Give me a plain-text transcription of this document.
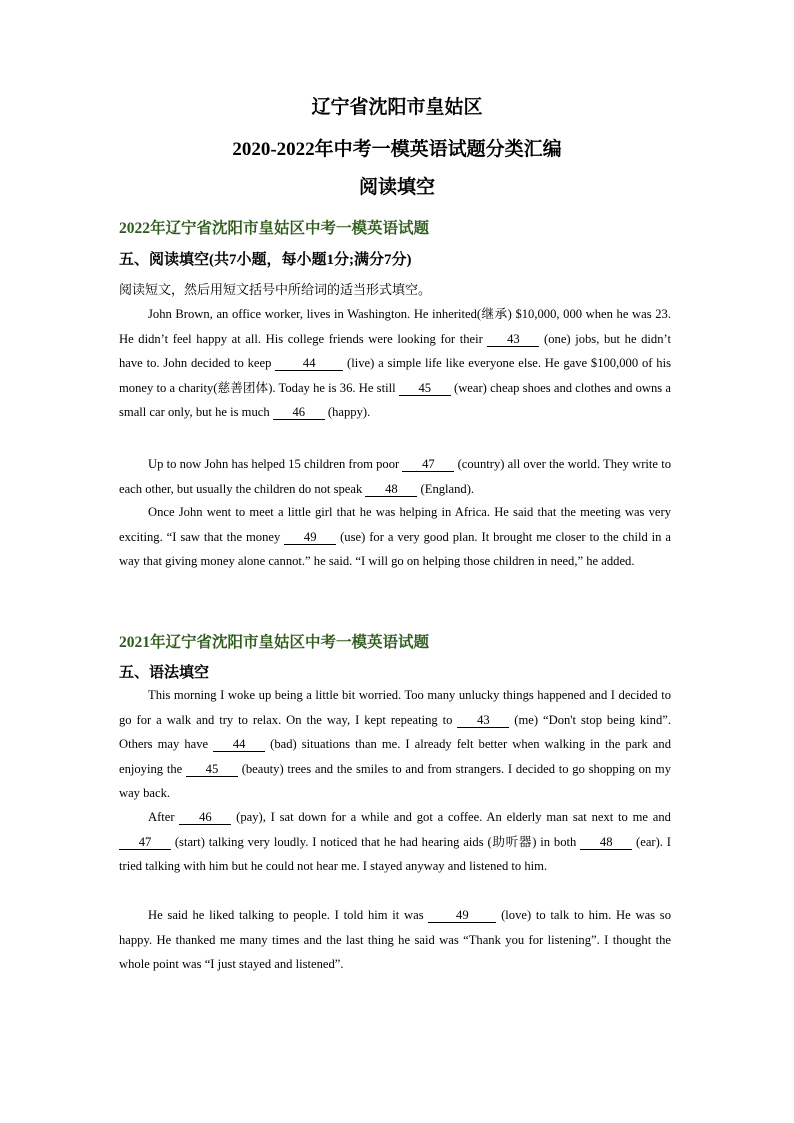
辽宁省沈阳市皇姑区
2020-2022年中考一模英语试题分类汇编
阅读填空
2022年辽宁省沈阳市皇姑区中考一模英语试题
五、阅读填空(共7小题，每小题1分;满分7分)
阅读短文，然后用短文括号中所给词的适当形式填空。
John Brown, an office worker, lives in Washington. He inherited(继承) $10,000, 000 when he was 23. He didn’t feel happy at all. His college friends were looking for their 43 (one) jobs, but he didn’t have to. John decided to keep 44 (live) a simple life like everyone else. He gave $100,000 of his money to a charity(慈善团体). Today he is 36. He still 45 (wear) cheap shoes and clothes and owns a small car only, but he is much 46 (happy).
Up to now John has helped 15 children from poor 47 (country) all over the world. They write to each other, but usually the children do not speak 48 (England).
Once John went to meet a little girl that he was helping in Africa. He said that the meeting was very exciting. “I saw that the money 49 (use) for a very good plan. It brought me closer to the child in a way that giving money alone cannot.” he said. “I will go on helping those children in need,” he added.
2021年辽宁省沈阳市皇姑区中考一模英语试题
五、语法填空
This morning I woke up being a little bit worried. Too many unlucky things happened and I decided to go for a walk and try to relax. On the way, I kept repeating to 43 (me) “Don't stop being kind”. Others may have 44 (bad) situations than me. I already felt better when walking in the park and enjoying the 45 (beauty) trees and the smiles to and from strangers. I decided to go shopping on my way back.
After 46 (pay), I sat down for a while and got a coffee. An elderly man sat next to me and 47 (start) talking very loudly. I noticed that he had hearing aids (助听器) in both 48 (ear). I tried talking with him but he could not hear me. I stayed anyway and listened to him.
He said he liked talking to people. I told him it was 49 (love) to talk to him. He was so happy. He thanked me many times and the last thing he said was “Thank you for listening”. I thought the whole point was “I just stayed and listened”.
